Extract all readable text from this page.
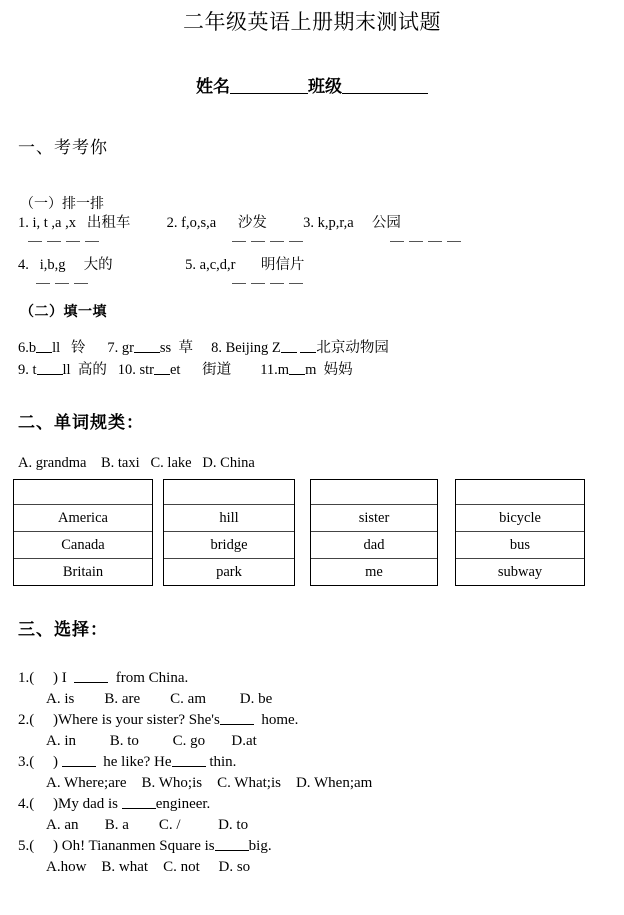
二年级英语上册期末测试题
姓名	班级
一、考考你
（一）排一排
1. i, t ,a ,x   出租车          2. f,o,s,a      沙发          3. k,p,r,a     公园
4.   i,b,g     大的                    5. a,c,d,r       明信片
（二）填一填
6.b ll   铃 7. gr ss  草 8. Beijing Z 北京动物园
9. t ll  高的 10. str et      街道 11.m m  妈妈
二、单词规类：
A. grandma    B. taxi   C. lake   D. China
America
Canada
Britain
hill
bridge
park
sister
dad
me
bicycle
bus
subway
三、选择：
1.(     ) I    from China.
A. is        B. are        C. am         D. be
2.(     )Where is your sister? She's  home.
A. in         B. to         C. go       D.at
3.(     )   he like? He thin.
A. Where;are    B. Who;is    C. What;is    D. When;am
4.(     )My dad is engineer.
A. an       B. a        C. /          D. to
5.(     ) Oh! Tiananmen Square is big.
A.how    B. what    C. not     D. so
